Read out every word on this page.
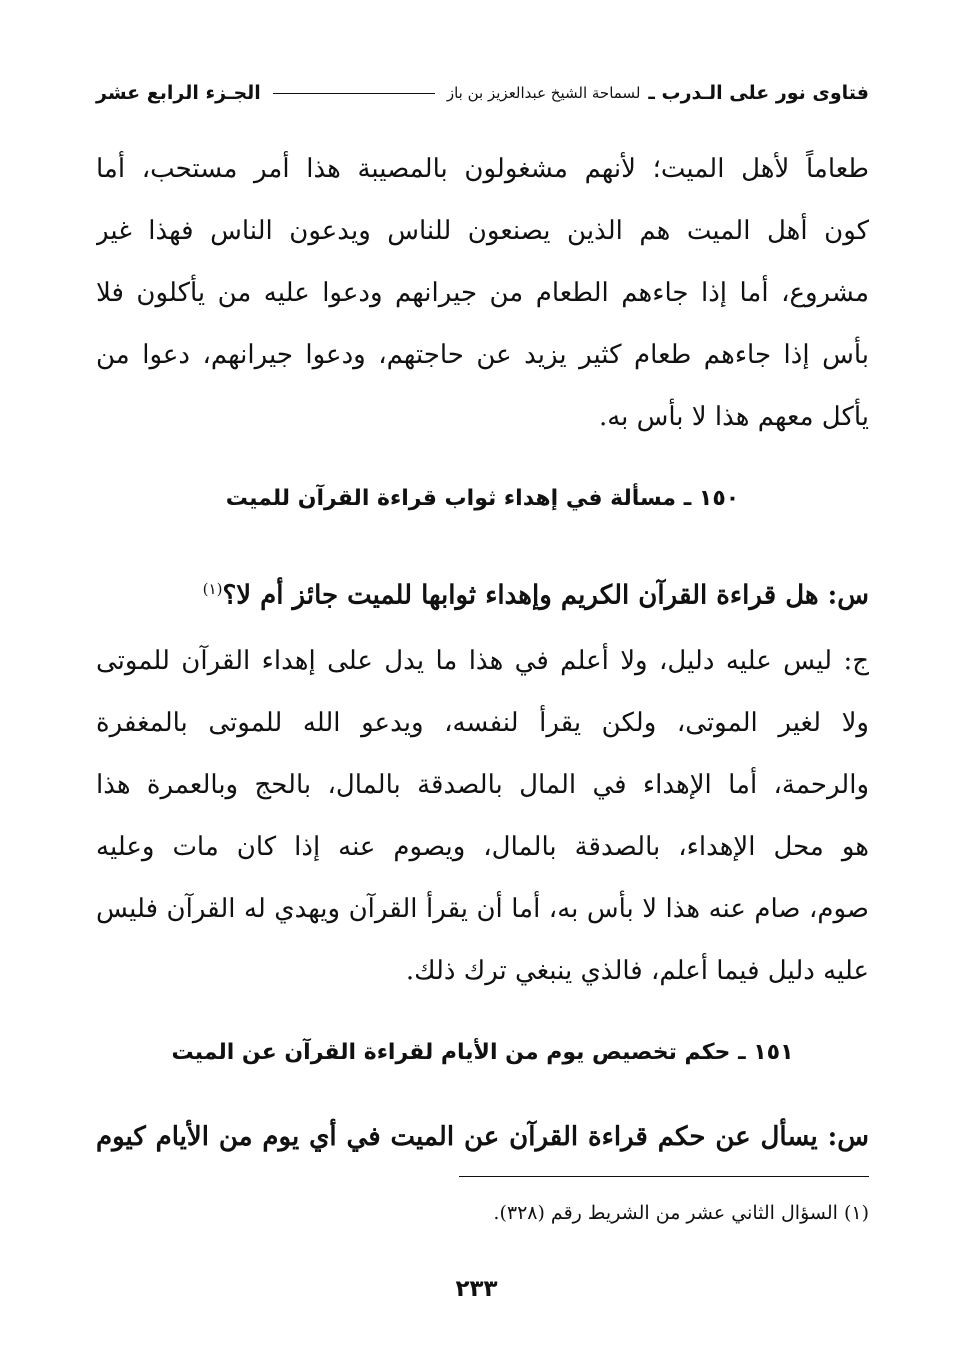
فتاوى نور على الـدرب ـ
لسماحة الشيخ عبدالعزيز بن باز
الجـزء الرابع عشر
طعاماً لأهل الميت؛ لأنهم مشغولون بالمصيبة هذا أمر مستحب، أما
كون أهل الميت هم الذين يصنعون للناس ويدعون الناس فهذا غير
مشروع، أما إذا جاءهم الطعام من جيرانهم ودعوا عليه من يأكلون فلا
بأس إذا جاءهم طعام كثير يزيد عن حاجتهم، ودعوا جيرانهم، دعوا من
يأكل معهم هذا لا بأس به.
١٥٠ ـ مسألة في إهداء ثواب قراءة القرآن للميت
س: هل قراءة القرآن الكريم وإهداء ثوابها للميت جائز أم لا؟$^{(١)}$
ج: ليس عليه دليل، ولا أعلم في هذا ما يدل على إهداء القرآن للموتى
ولا لغير الموتى، ولكن يقرأ لنفسه، ويدعو الله للموتى بالمغفرة
والرحمة، أما الإهداء في المال بالصدقة بالمال، بالحج وبالعمرة هذا
هو محل الإهداء، بالصدقة بالمال، ويصوم عنه إذا كان مات وعليه
صوم، صام عنه هذا لا بأس به، أما أن يقرأ القرآن ويهدي له القرآن فليس
عليه دليل فيما أعلم، فالذي ينبغي ترك ذلك.
١٥١ ـ حكم تخصيص يوم من الأيام لقراءة القرآن عن الميت
س: يسأل عن حكم قراءة القرآن عن الميت في أي يوم من الأيام كيوم
(١) السؤال الثاني عشر من الشريط رقم (٣٢٨).
٢٣٣
